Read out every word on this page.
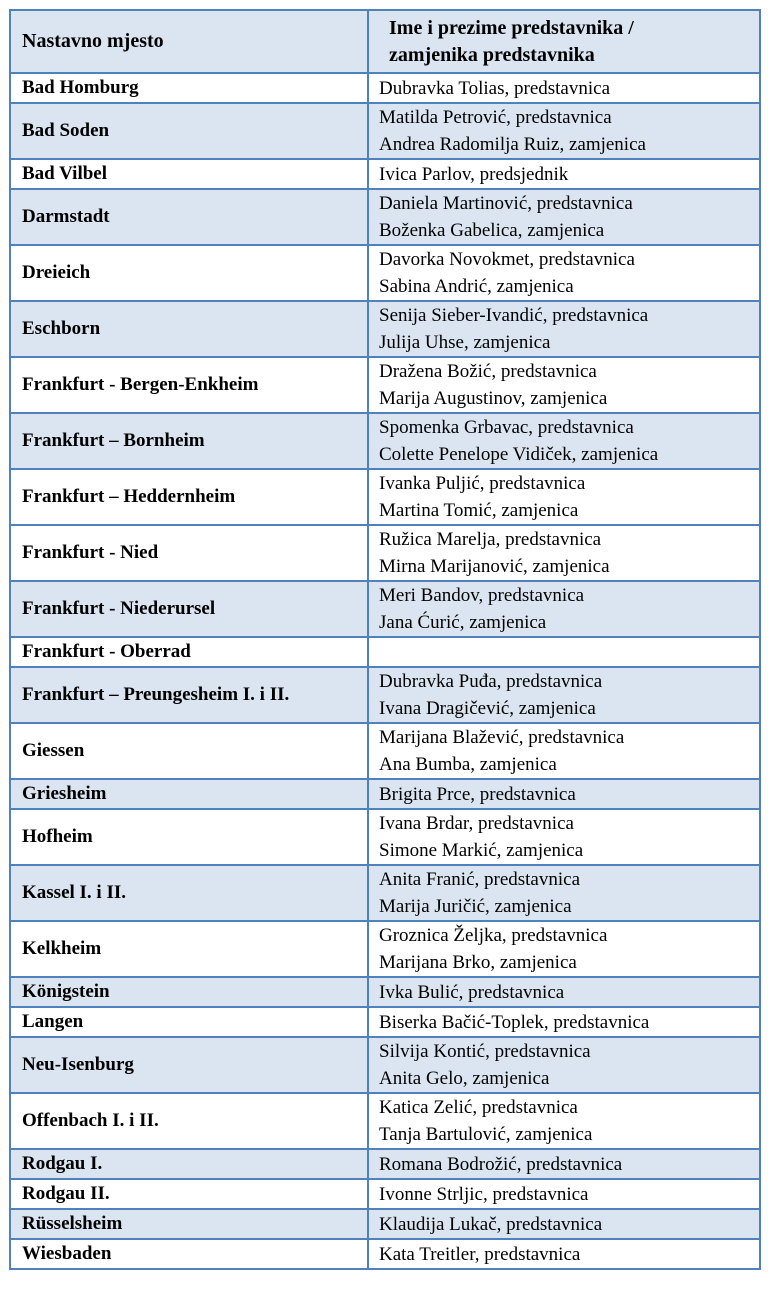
Nastavno mjesto	Ime i prezime predstavnika /
zamjenika predstavnika

Bad Homburg	Dubravka Tolias, predstavnica

Bad Soden	Matilda Petrović, predstavnica
Andrea Radomilja Ruiz, zamjenica

Bad Vilbel	Ivica Parlov, predsjednik

Darmstadt	Daniela Martinović, predstavnica
Boženka Gabelica, zamjenica

Dreieich	Davorka Novokmet, predstavnica
Sabina Andrić, zamjenica

Eschborn	Senija Sieber-Ivandić, predstavnica
Julija Uhse, zamjenica

Frankfurt - Bergen-Enkheim	Dražena Božić, predstavnica
Marija Augustinov, zamjenica

Frankfurt – Bornheim	Spomenka Grbavac, predstavnica
Colette Penelope Vidiček, zamjenica

Frankfurt – Heddernheim	Ivanka Puljić, predstavnica
Martina Tomić, zamjenica

Frankfurt - Nied	Ružica Marelja, predstavnica
Mirna Marijanović, zamjenica

Frankfurt - Niederursel	Meri Bandov, predstavnica
Jana Ćurić, zamjenica

Frankfurt - Oberrad	

Frankfurt – Preungesheim I. i II.	Dubravka Puđa, predstavnica
Ivana Dragičević, zamjenica

Giessen	Marijana Blažević, predstavnica
Ana Bumba, zamjenica

Griesheim	Brigita Prce, predstavnica

Hofheim	Ivana Brdar, predstavnica
Simone Markić, zamjenica

Kassel I. i II.	Anita Franić, predstavnica
Marija Juričić, zamjenica

Kelkheim	Groznica Željka, predstavnica
Marijana Brko, zamjenica

Königstein	Ivka Bulić, predstavnica

Langen	Biserka Bačić-Toplek, predstavnica

Neu-Isenburg	Silvija Kontić, predstavnica
Anita Gelo, zamjenica

Offenbach I. i II.	Katica Zelić, predstavnica
Tanja Bartulović, zamjenica

Rodgau I.	Romana Bodrožić, predstavnica

Rodgau II.	Ivonne Strljic, predstavnica

Rüsselsheim	Klaudija Lukač, predstavnica

Wiesbaden	Kata Treitler, predstavnica
